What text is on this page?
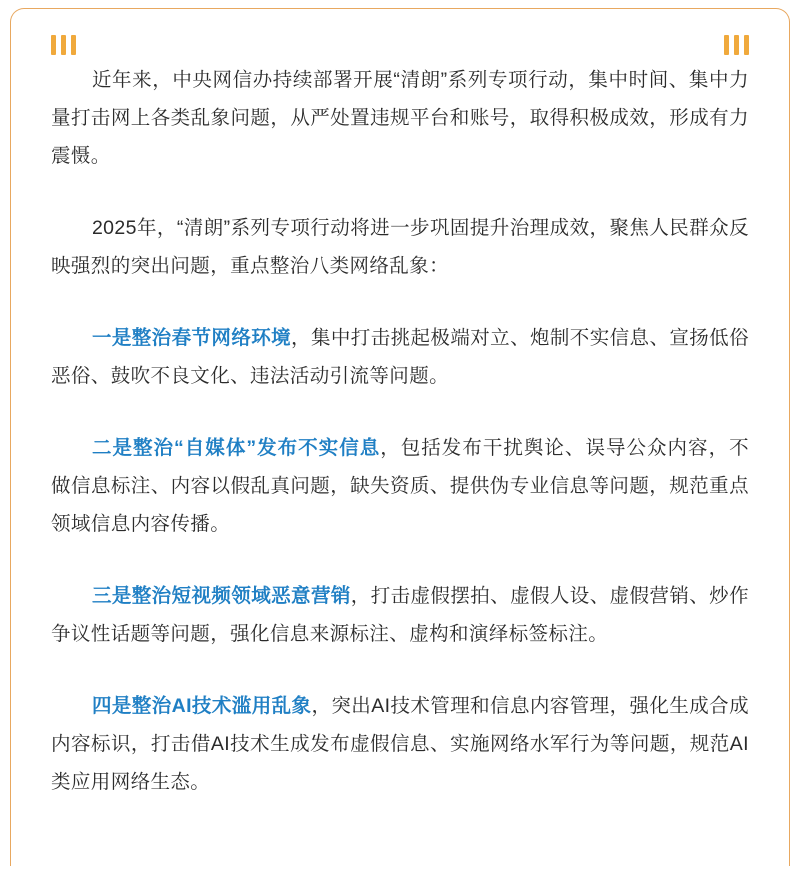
近年来，中央网信办持续部署开展“清朗”系列专项行动，集中时间、集中力量打击网上各类乱象问题，从严处置违规平台和账号，取得积极成效，形成有力震慑。

2025年，“清朗”系列专项行动将进一步巩固提升治理成效，聚焦人民群众反映强烈的突出问题，重点整治八类网络乱象：

一是整治春节网络环境，集中打击挑起极端对立、炮制不实信息、宣扬低俗恶俗、鼓吹不良文化、违法活动引流等问题。

二是整治“自媒体”发布不实信息，包括发布干扰舆论、误导公众内容，不做信息标注、内容以假乱真问题，缺失资质、提供伪专业信息等问题，规范重点领域信息内容传播。

三是整治短视频领域恶意营销，打击虚假摆拍、虚假人设、虚假营销、炒作争议性话题等问题，强化信息来源标注、虚构和演绎标签标注。

四是整治AI技术滥用乱象，突出AI技术管理和信息内容管理，强化生成合成内容标识，打击借AI技术生成发布虚假信息、实施网络水军行为等问题，规范AI类应用网络生态。
